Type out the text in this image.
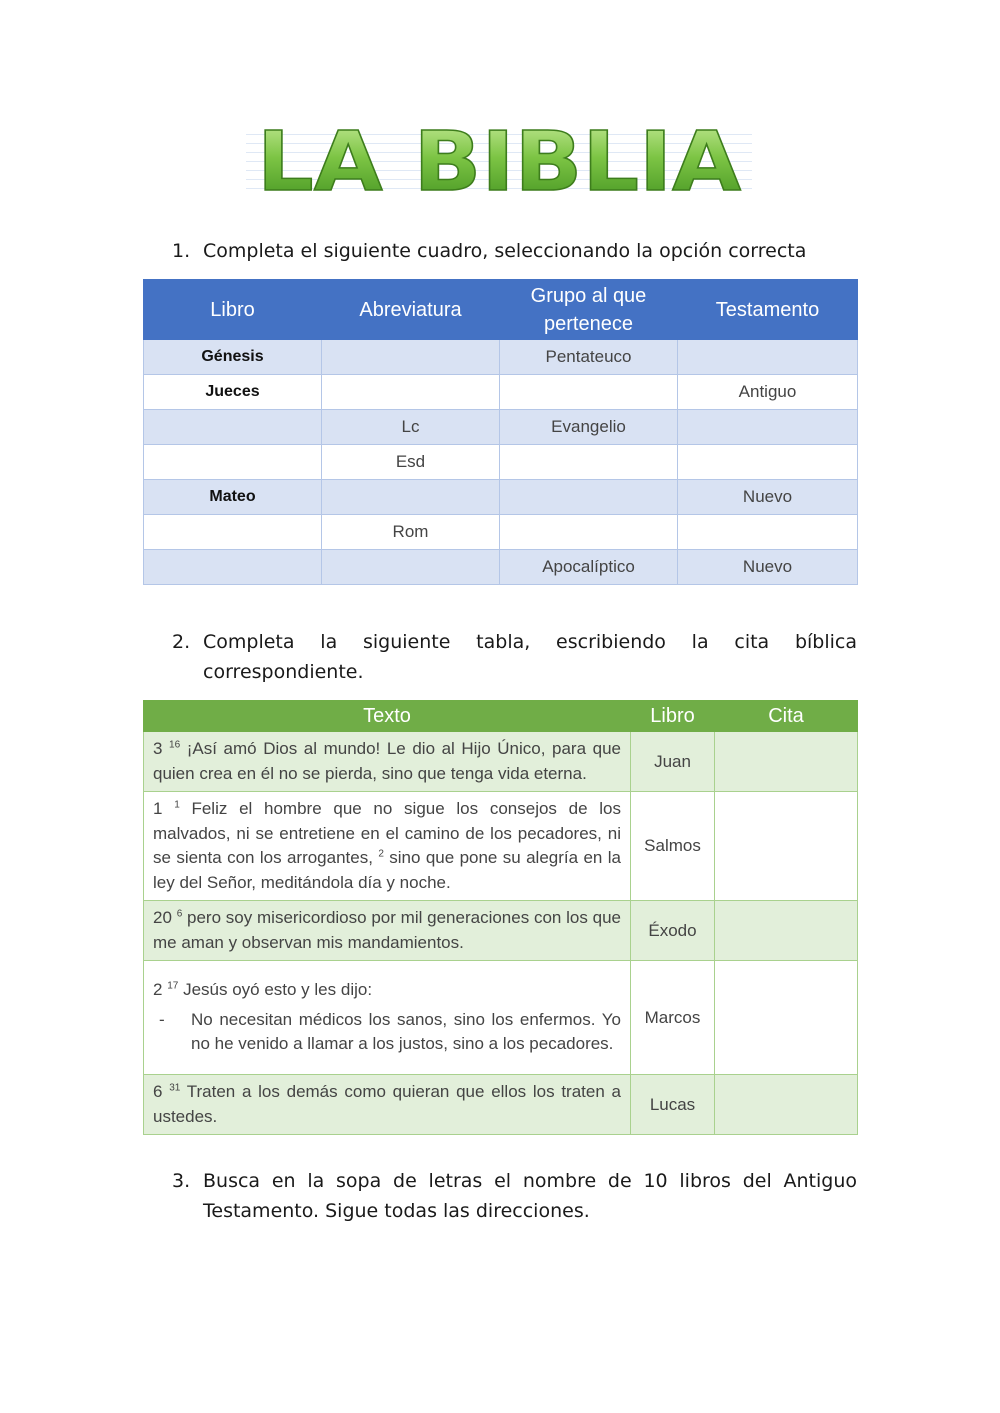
LA BIBLIA
1. Completa el siguiente cuadro, seleccionando la opción correcta
Libro	Abreviatura	Grupo al que pertenece	Testamento
Génesis		Pentateuco	
Jueces			Antiguo
	Lc	Evangelio	
	Esd		
Mateo			Nuevo
	Rom		
		Apocalíptico	Nuevo
2. Completa la siguiente tabla, escribiendo la cita bíblica correspondiente.
Texto	Libro	Cita
3 $^{16}$ ¡Así amó Dios al mundo! Le dio al Hijo Único, para que quien crea en él no se pierda, sino que tenga vida eterna.	Juan	
1 $^1$ Feliz el hombre que no sigue los consejos de los malvados, ni se entretiene en el camino de los pecadores, ni se sienta con los arrogantes, $^2$ sino que pone su alegría en la ley del Señor, meditándola día y noche.	Salmos	
20 $^6$ pero soy misericordioso por mil generaciones con los que me aman y observan mis mandamientos.	Éxodo	

2 $^{17}$ Jesús oyó esto y les dijo:
- No necesitan médicos los sanos, sino los enfermos. Yo no he venido a llamar a los justos, sino a los pecadores.	Marcos	
6 $^{31}$ Traten a los demás como quieran que ellos los traten a ustedes.	Lucas	
3. Busca en la sopa de letras el nombre de 10 libros del Antiguo Testamento. Sigue todas las direcciones.
